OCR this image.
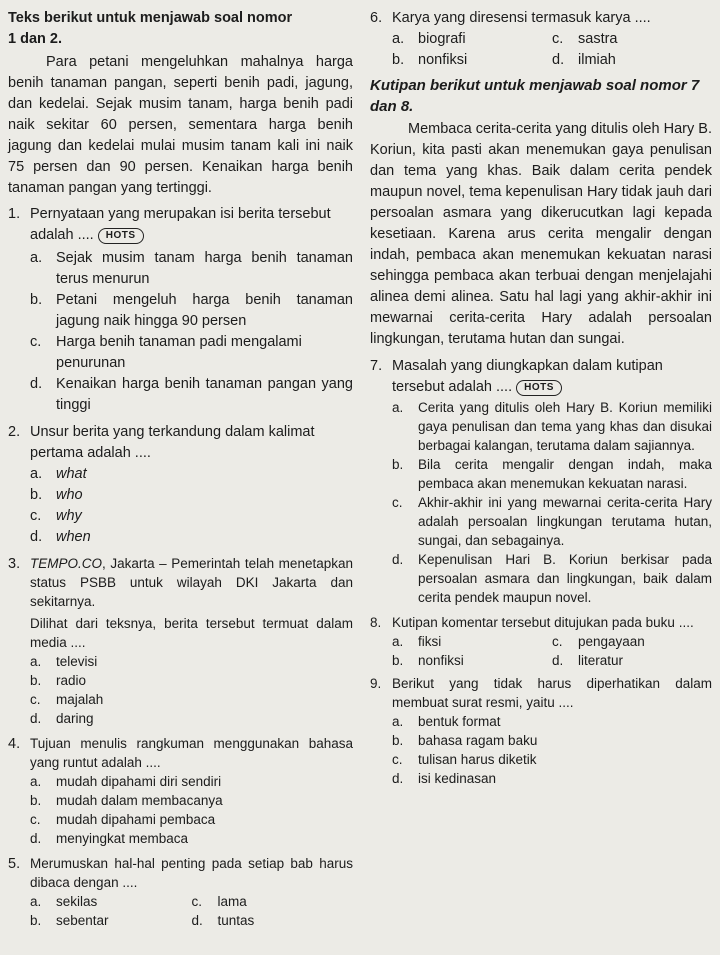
Teks berikut untuk menjawab soal nomor
1 dan 2.
Para petani mengeluhkan mahalnya harga benih tanaman pangan, seperti benih padi, jagung, dan kedelai. Sejak musim tanam, harga benih padi naik sekitar 60 persen, sementara harga benih jagung dan kedelai mulai musim tanam kali ini naik 75 persen dan 90 persen. Kenaikan harga benih tanaman pangan yang tertinggi.
1. Pernyataan yang merupakan isi berita tersebut adalah .... HOTS
a. Sejak musim tanam harga benih tanaman terus menurun
b. Petani mengeluh harga benih tanaman jagung naik hingga 90 persen
c.	Harga benih tanaman padi mengalami penurunan
d. Kenaikan harga benih tanaman pangan yang tinggi
2. Unsur berita yang terkandung dalam kalimat pertama adalah ....
a. what
b. who
c.	why
d. when
3. TEMPO.CO, Jakarta – Pemerintah telah menetapkan status PSBB untuk wilayah DKI Jakarta dan sekitarnya.
Dilihat dari teksnya, berita tersebut termuat dalam media ....
a.	televisi
b.	radio
c.	majalah
d.	daring
4. Tujuan menulis rangkuman menggunakan bahasa yang runtut adalah ....
a.	mudah dipahami diri sendiri
b.	mudah dalam membacanya
c.	mudah dipahami pembaca
d.	menyingkat membaca
5. Merumuskan hal-hal penting pada setiap bab harus dibaca dengan ....
a.	sekilas	c.	lama
b.	sebentar	d.	tuntas
6. Karya yang diresensi termasuk karya ....
a. biografi	c.	sastra
b. nonfiksi	d. ilmiah
Kutipan berikut untuk menjawab soal nomor 7 dan 8.
Membaca cerita-cerita yang ditulis oleh Hary B. Koriun, kita pasti akan menemukan gaya penulisan dan tema yang khas. Baik dalam cerita pendek maupun novel, tema kepenulisan Hary tidak jauh dari persoalan asmara yang dikerucutkan lagi kepada kesetiaan. Karena arus cerita mengalir dengan indah, pembaca akan menemukan kekuatan narasi sehingga pembaca akan terbuai dengan menjelajahi alinea demi alinea. Satu hal lagi yang akhir-akhir ini mewarnai cerita-cerita Hary adalah persoalan lingkungan, terutama hutan dan sungai.
7. Masalah yang diungkapkan dalam kutipan tersebut adalah .... HOTS
a.	Cerita yang ditulis oleh Hary B. Koriun memiliki gaya penulisan dan tema yang khas dan disukai berbagai kalangan, terutama dalam sajiannya.
b.	Bila cerita mengalir dengan indah, maka pembaca akan menemukan kekuatan narasi.
c.	Akhir-akhir ini yang mewarnai cerita-cerita Hary adalah persoalan lingkungan terutama hutan, sungai, dan sebagainya.
d.	Kepenulisan Hari B. Koriun berkisar pada persoalan asmara dan lingkungan, baik dalam cerita pendek maupun novel.
8. Kutipan komentar tersebut ditujukan pada buku ....
a.	fiksi	c.	pengayaan
b.	nonfiksi	d.	literatur
9. Berikut yang tidak harus diperhatikan dalam membuat surat resmi, yaitu ....
a.	bentuk format
b.	bahasa ragam baku
c.	tulisan harus diketik
d.	isi kedinasan
